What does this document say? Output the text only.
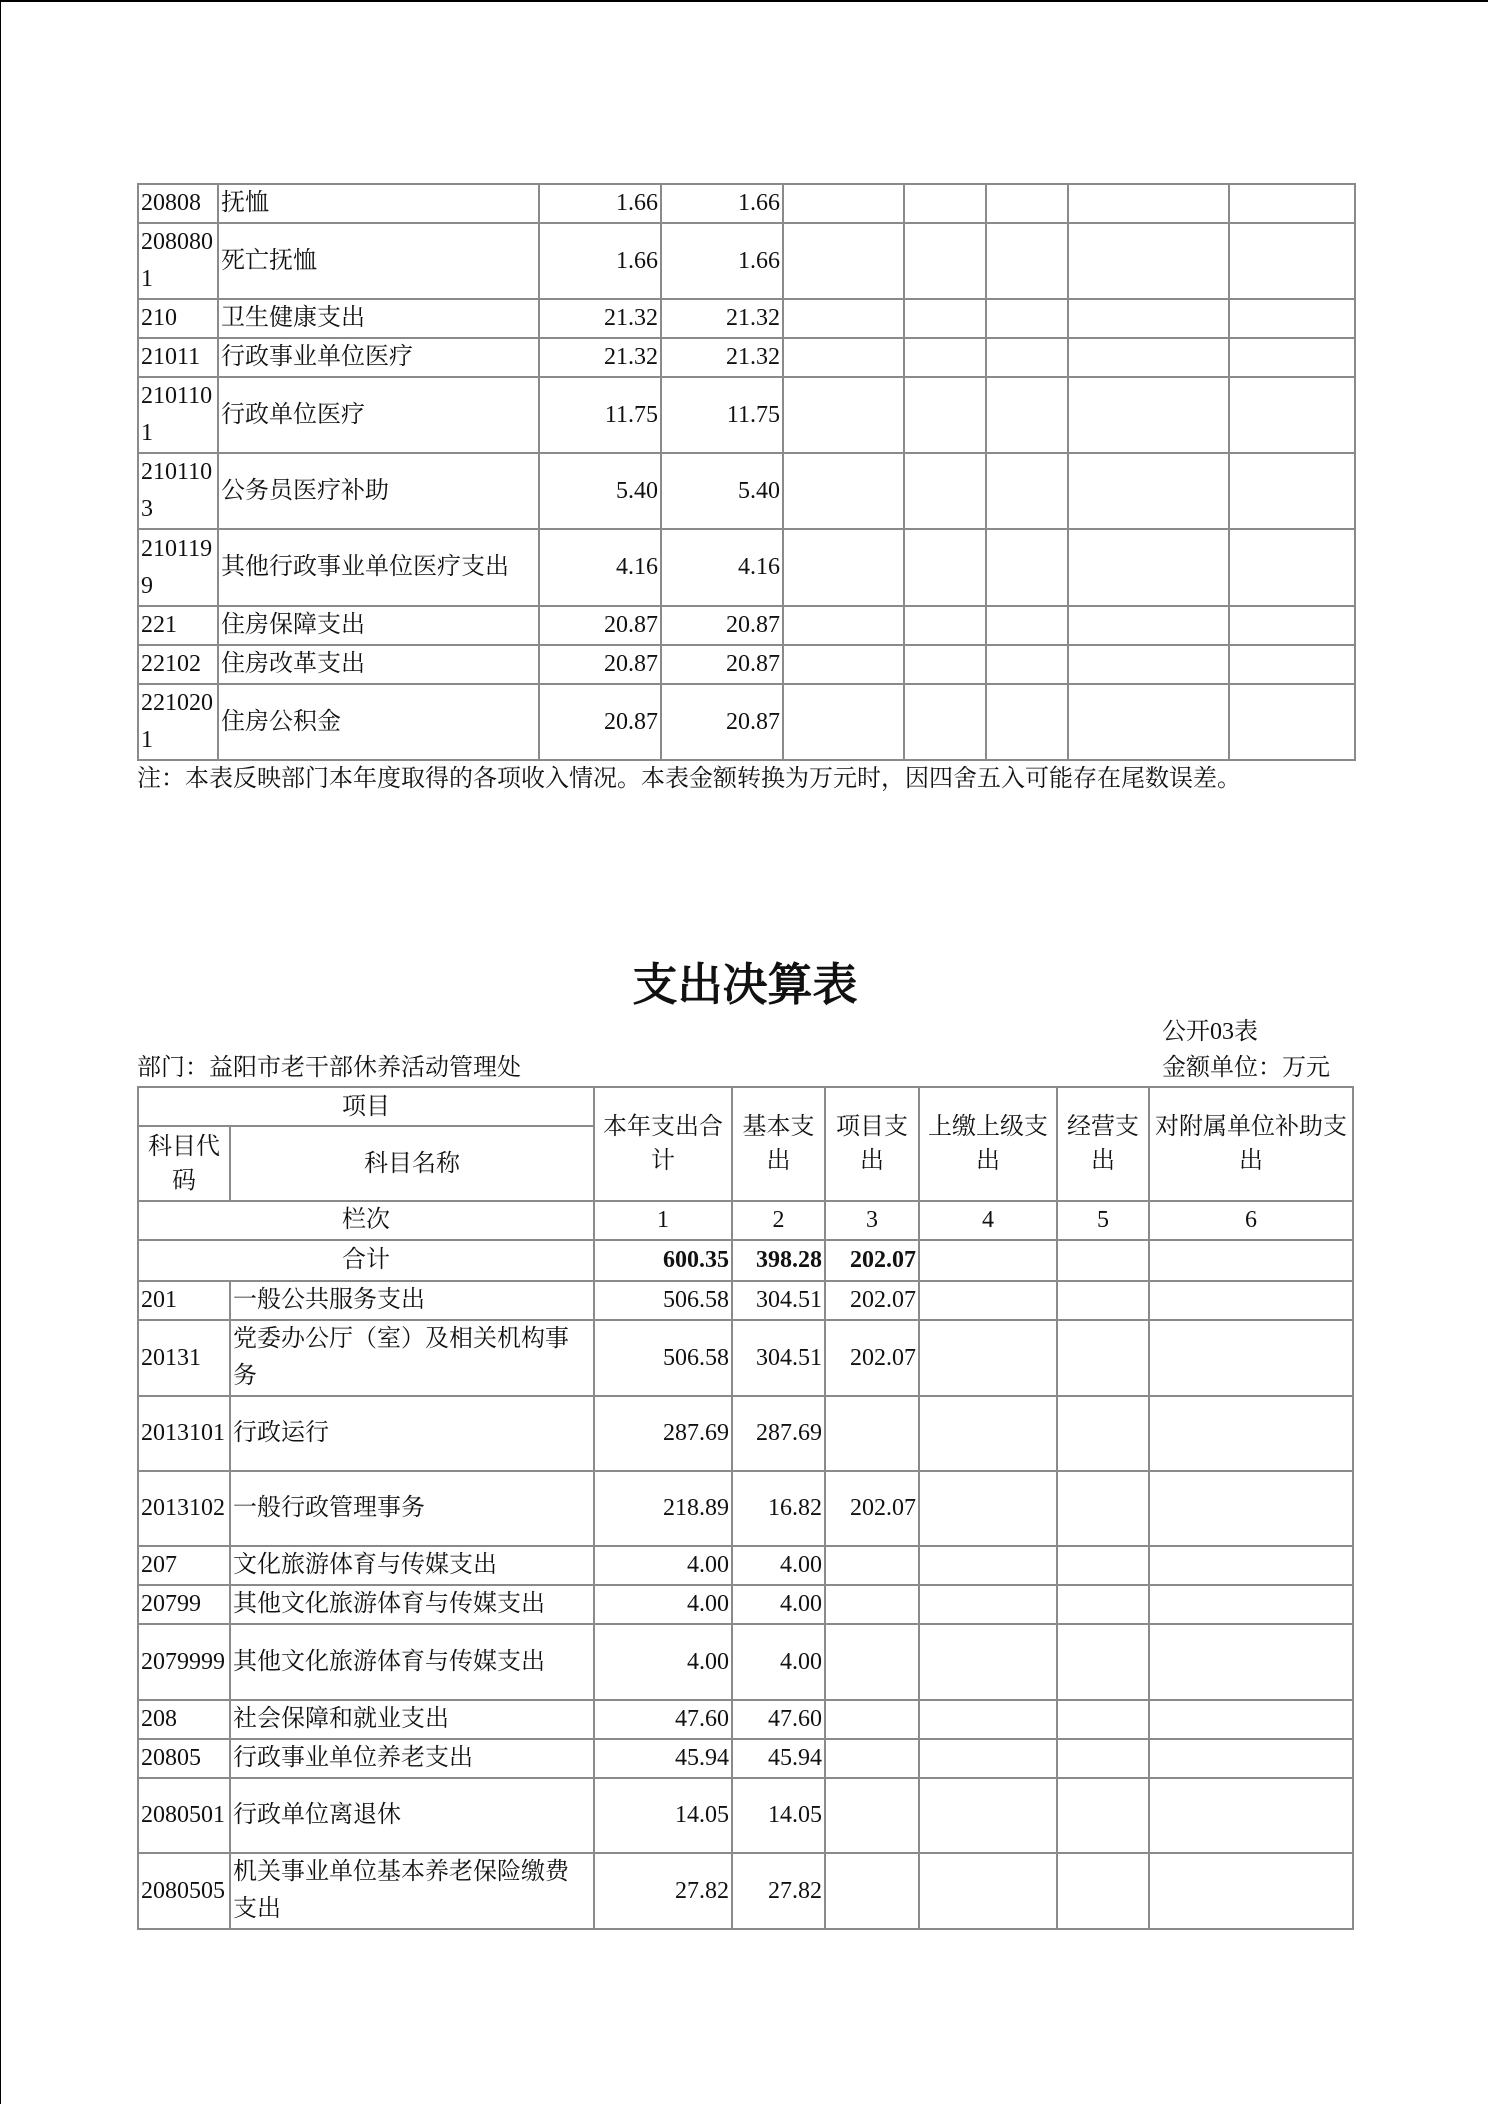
20808	抚恤	1.66	1.66						
2080801	死亡抚恤	1.66	1.66						
210	卫生健康支出	21.32	21.32						
21011	行政事业单位医疗	21.32	21.32						
2101101	行政单位医疗	11.75	11.75						
2101103	公务员医疗补助	5.40	5.40						
2101199	其他行政事业单位医疗支出	4.16	4.16						
221	住房保障支出	20.87	20.87						
22102	住房改革支出	20.87	20.87						
2210201	住房公积金	20.87	20.87						
注：本表反映部门本年度取得的各项收入情况。本表金额转换为万元时，因四舍五入可能存在尾数误差。
支出决算表
部门：益阳市老干部休养活动管理处
公开03表
金额单位：万元
项目		本年支出合计	基本支出	项目支出	上缴上级支出	经营支出	对附属单位补助支出
科目代码	科目名称						
栏次		1	2	3	4	5	6
合计		600.35	398.28	202.07			
201	一般公共服务支出	506.58	304.51	202.07			
20131	党委办公厅（室）及相关机构事务	506.58	304.51	202.07			
2013101	行政运行	287.69	287.69				
2013102	一般行政管理事务	218.89	16.82	202.07			
207	文化旅游体育与传媒支出	4.00	4.00				
20799	其他文化旅游体育与传媒支出	4.00	4.00				
2079999	其他文化旅游体育与传媒支出	4.00	4.00				
208	社会保障和就业支出	47.60	47.60				
20805	行政事业单位养老支出	45.94	45.94				
2080501	行政单位离退休	14.05	14.05				
2080505	机关事业单位基本养老保险缴费支出	27.82	27.82				
